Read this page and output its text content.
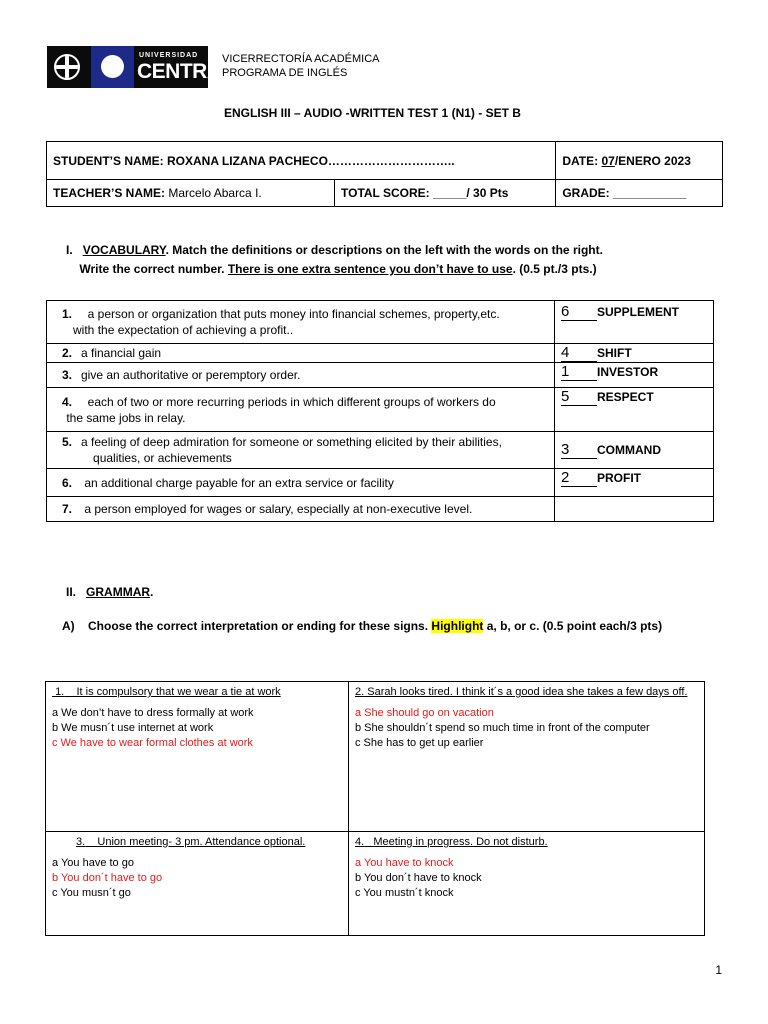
UNIVERSIDAD
CENTRAL
VICERRECTORÍA ACADÉMICA
PROGRAMA DE INGLÉS
ENGLISH III – AUDIO -WRITTEN TEST 1 (N1) - SET B
STUDENT’S NAME: ROXANA LIZANA PACHECO…………………………..		DATE: 07/ENERO 2023
TEACHER’S NAME: Marcelo Abarca I.	TOTAL SCORE: _____/ 30 Pts	GRADE: ___________
I. VOCABULARY. Match the definitions or descriptions on the left with the words on the right.
Write the correct number. There is one extra sentence you don’t have to use. (0.5 pt./3 pts.)
1. a person or organization that puts money into financial schemes, property,etc.
with the expectation of achieving a profit..	6 SUPPLEMENT
2. a financial gain	4 SHIFT
3. give an authoritative or peremptory order.	1 INVESTOR
4. each of two or more recurring periods in which different groups of workers do
the same jobs in relay.	5 RESPECT
5. a feeling of deep admiration for someone or something elicited by their abilities,
qualities, or achievements	3 COMMAND
6. an additional charge payable for an extra service or facility	2 PROFIT
7. a person employed for wages or salary, especially at non-executive level.	
II. GRAMMAR.
A) Choose the correct interpretation or ending for these signs. Highlight a, b, or c. (0.5 point each/3 pts)
1. It is compulsory that we wear a tie at work
a We don’t have to dress formally at work
b We musn´t use internet at work
c We have to wear formal clothes at work	2. Sarah looks tired. I think it´s a good idea she takes a few days off.
a She should go on vacation
b She shouldn´t spend so much time in front of the computer
c She has to get up earlier

3. Union meeting- 3 pm. Attendance optional.
a You have to go
b You don´t have to go
c You musn´t go	4. Meeting in progress. Do not disturb.
a You have to knock
b You don´t have to knock
c You mustn´t knock
1
